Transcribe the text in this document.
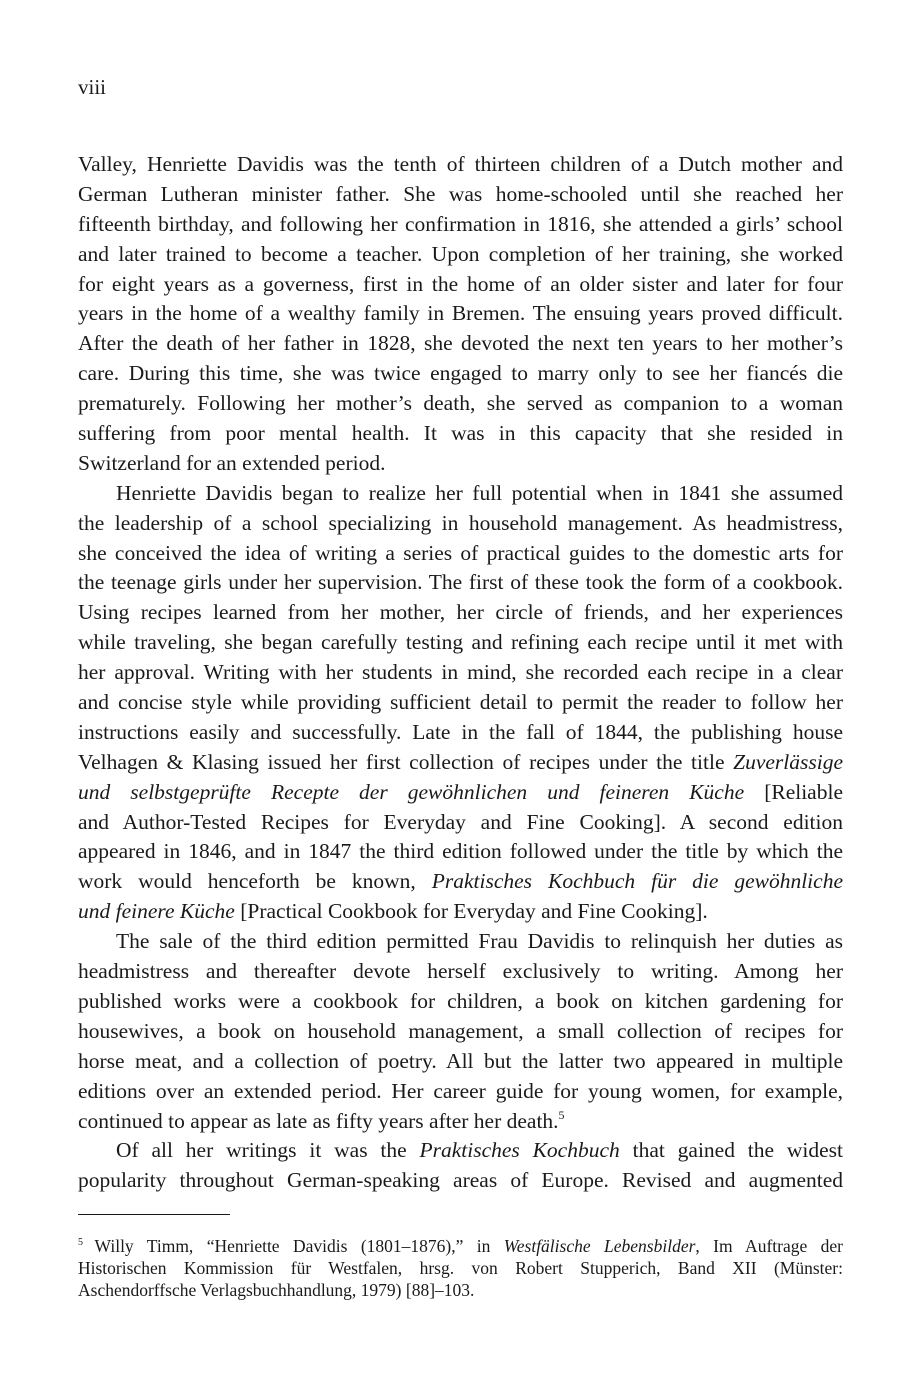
viii
Valley, Henriette Davidis was the tenth of thirteen children of a Dutch mother and
German Lutheran minister father. She was home-schooled until she reached her
fifteenth birthday, and following her confirmation in 1816, she attended a girls’ school
and later trained to become a teacher. Upon completion of her training, she worked
for eight years as a governess, first in the home of an older sister and later for four
years in the home of a wealthy family in Bremen. The ensuing years proved difficult.
After the death of her father in 1828, she devoted the next ten years to her mother’s
care. During this time, she was twice engaged to marry only to see her fiancés die
prematurely. Following her mother’s death, she served as companion to a woman
suffering from poor mental health. It was in this capacity that she resided in
Switzerland for an extended period.
Henriette Davidis began to realize her full potential when in 1841 she assumed
the leadership of a school specializing in household management. As headmistress,
she conceived the idea of writing a series of practical guides to the domestic arts for
the teenage girls under her supervision. The first of these took the form of a cookbook.
Using recipes learned from her mother, her circle of friends, and her experiences
while traveling, she began carefully testing and refining each recipe until it met with
her approval. Writing with her students in mind, she recorded each recipe in a clear
and concise style while providing sufficient detail to permit the reader to follow her
instructions easily and successfully. Late in the fall of 1844, the publishing house
Velhagen & Klasing issued her first collection of recipes under the title Zuverlässige
und selbstgeprüfte Recepte der gewöhnlichen und feineren Küche [Reliable
and Author-Tested Recipes for Everyday and Fine Cooking]. A second edition
appeared in 1846, and in 1847 the third edition followed under the title by which the
work would henceforth be known, Praktisches Kochbuch für die gewöhnliche
und feinere Küche [Practical Cookbook for Everyday and Fine Cooking].
The sale of the third edition permitted Frau Davidis to relinquish her duties as
headmistress and thereafter devote herself exclusively to writing. Among her
published works were a cookbook for children, a book on kitchen gardening for
housewives, a book on household management, a small collection of recipes for
horse meat, and a collection of poetry. All but the latter two appeared in multiple
editions over an extended period. Her career guide for young women, for example,
continued to appear as late as fifty years after her death.$^5$
Of all her writings it was the Praktisches Kochbuch that gained the widest
popularity throughout German-speaking areas of Europe. Revised and augmented
$^5$ Willy Timm, “Henriette Davidis (1801–1876),” in Westfälische Lebensbilder, Im Auftrage der
Historischen Kommission für Westfalen, hrsg. von Robert Stupperich, Band XII (Münster:
Aschendorffsche Verlagsbuchhandlung, 1979) [88]–103.
